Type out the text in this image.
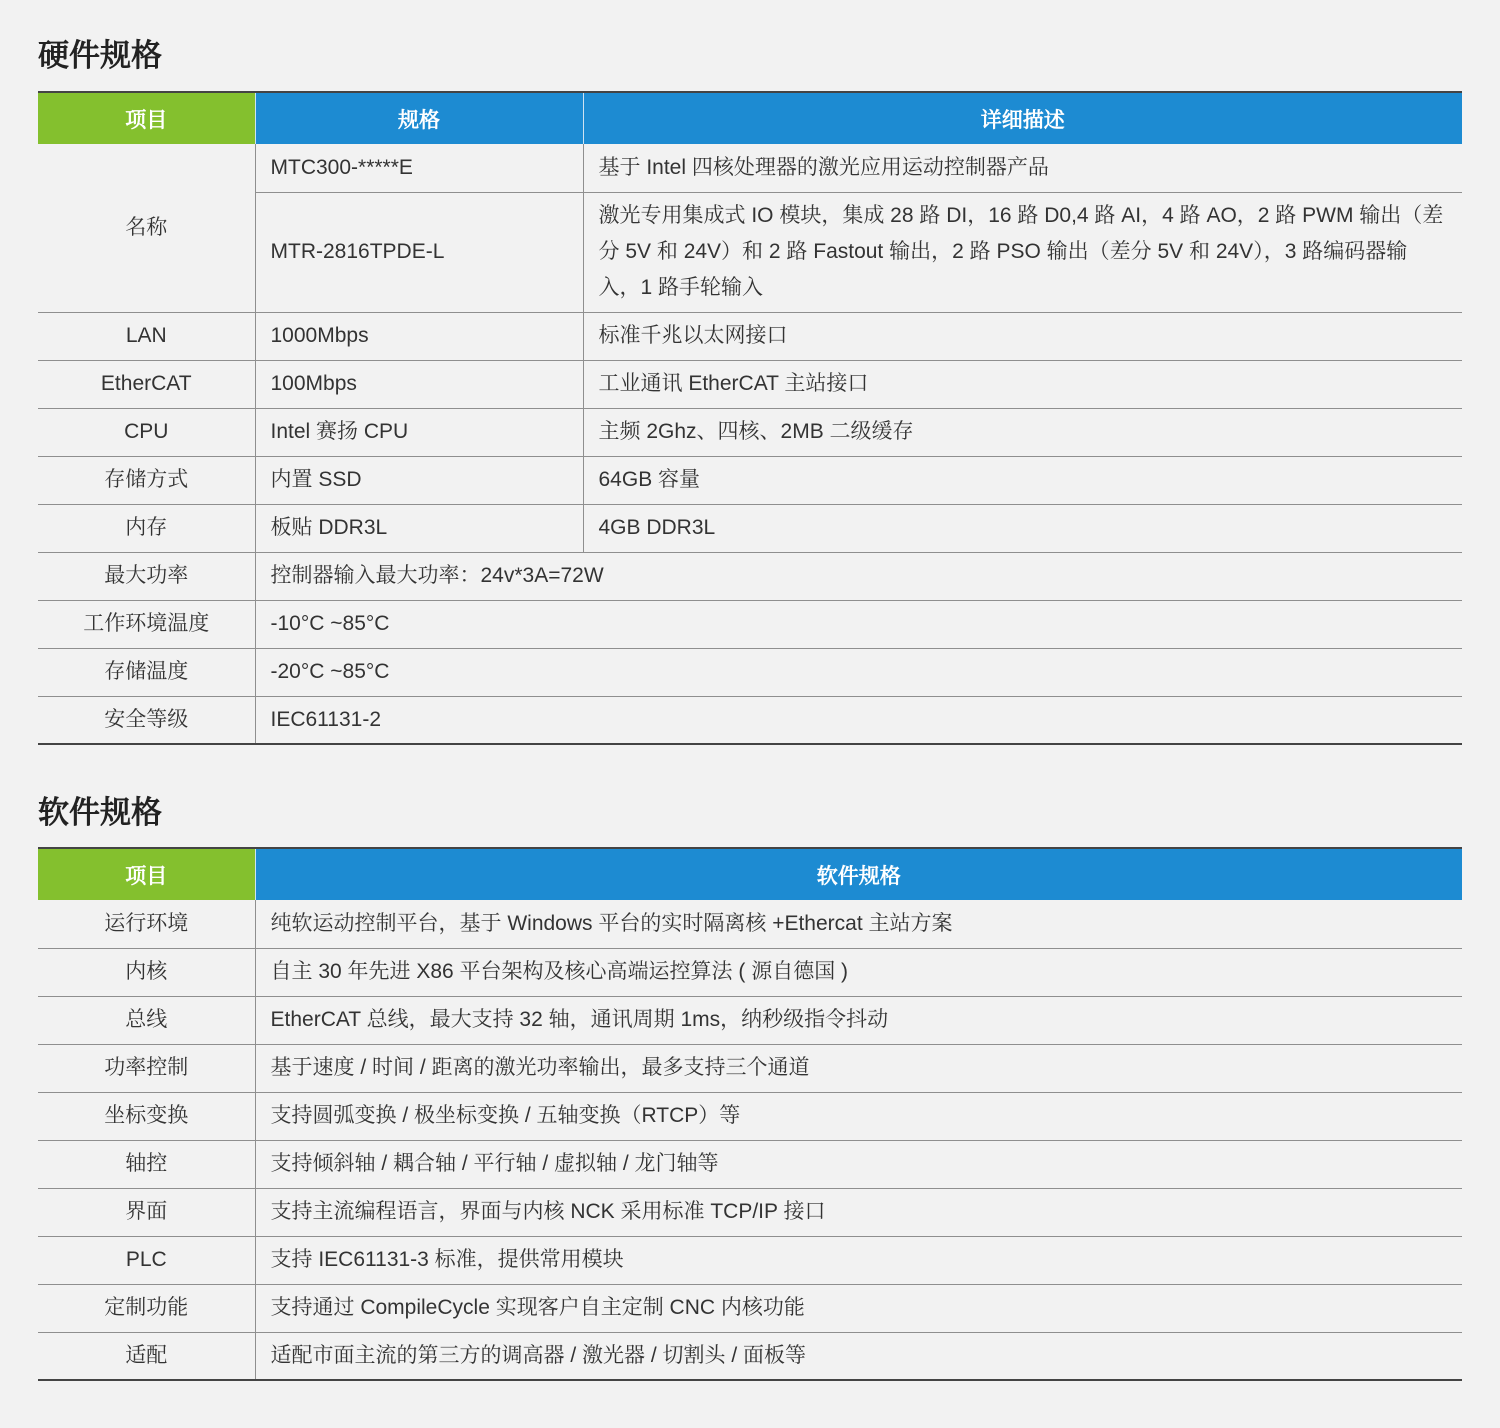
硬件规格
项目	规格	详细描述
名称	MTC300-*****E	基于 Intel 四核处理器的激光应用运动控制器产品
	MTR-2816TPDE-L	激光专用集成式 IO 模块，集成 28 路 DI，16 路 D0,4 路 AI，4 路 AO，2 路 PWM 输出（差分 5V 和 24V）和 2 路 Fastout 输出，2 路 PSO 输出（差分 5V 和 24V），3 路编码器输入，1 路手轮输入
LAN	1000Mbps	标准千兆以太网接口
EtherCAT	100Mbps	工业通讯 EtherCAT 主站接口
CPU	Intel 赛扬 CPU	主频 2Ghz、四核、2MB 二级缓存
存储方式	内置 SSD	64GB 容量
内存	板贴 DDR3L	4GB DDR3L
最大功率	控制器输入最大功率：24v*3A=72W	
工作环境温度	-10°C ~85°C	
存储温度	-20°C ~85°C	
安全等级	IEC61131-2	
软件规格
项目	软件规格
运行环境	纯软运动控制平台，基于 Windows 平台的实时隔离核 +Ethercat 主站方案
内核	自主 30 年先进 X86 平台架构及核心高端运控算法 ( 源自德国 )
总线	EtherCAT 总线，最大支持 32 轴，通讯周期 1ms，纳秒级指令抖动
功率控制	基于速度 / 时间 / 距离的激光功率输出，最多支持三个通道
坐标变换	支持圆弧变换 / 极坐标变换 / 五轴变换（RTCP）等
轴控	支持倾斜轴 / 耦合轴 / 平行轴 / 虚拟轴 / 龙门轴等
界面	支持主流编程语言，界面与内核 NCK 采用标准 TCP/IP 接口
PLC	支持 IEC61131-3 标准，提供常用模块
定制功能	支持通过 CompileCycle 实现客户自主定制 CNC 内核功能
适配	适配市面主流的第三方的调高器 / 激光器 / 切割头 / 面板等
